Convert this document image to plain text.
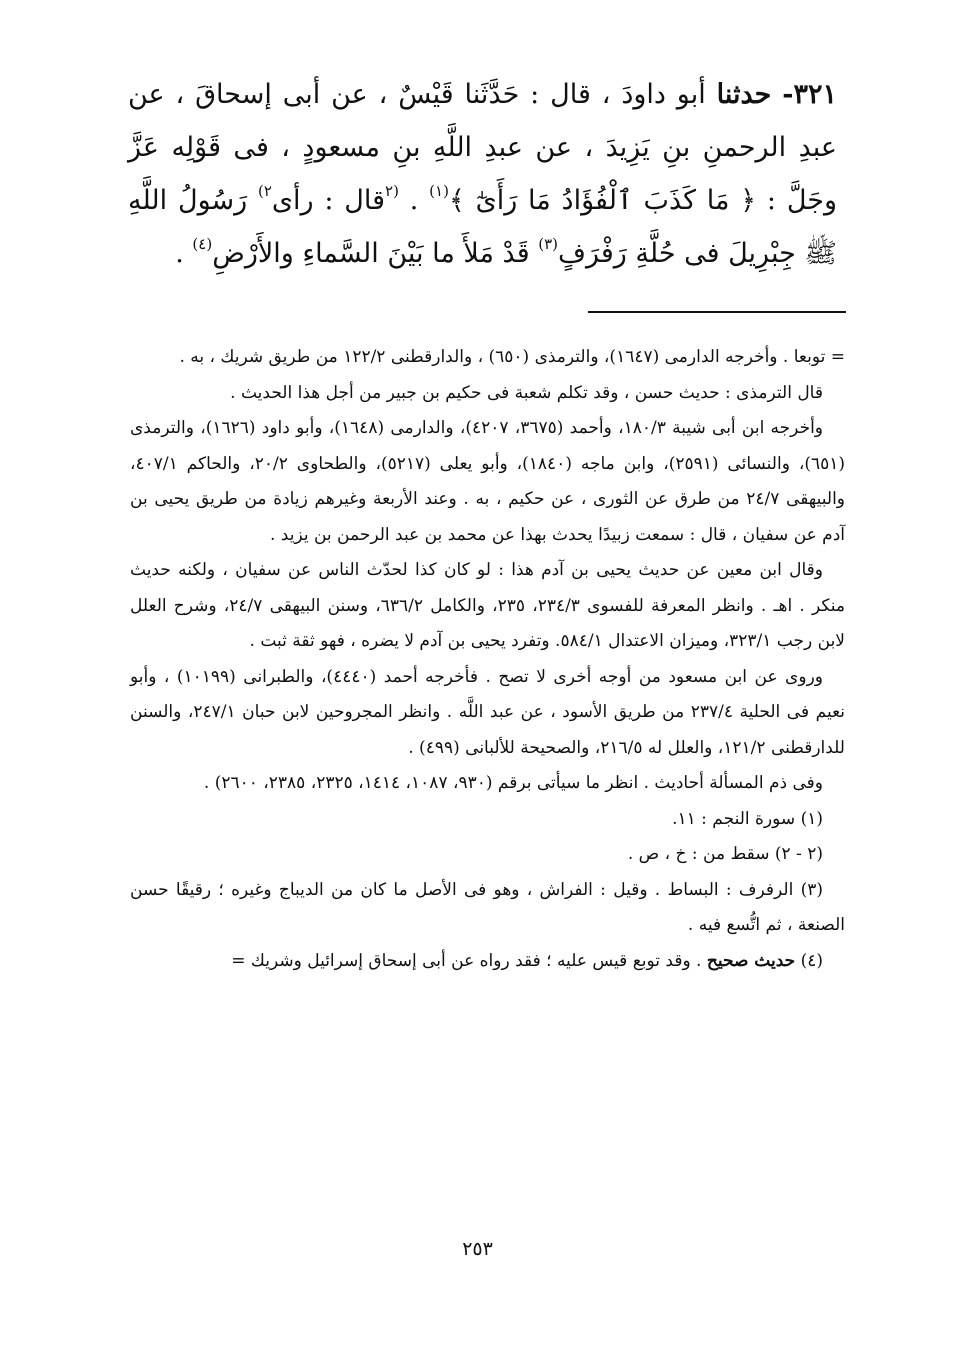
٣٢١- حدثنا أبو داودَ ، قال : حَدَّثَنا قَيْسٌ ، عن أبى إسحاقَ ، عن عبدِ الرحمنِ بنِ يَزِيدَ ، عن عبدِ اللَّهِ بنِ مسعودٍ ، فى قَوْلِه عَزَّ وجَلَّ : ﴿ مَا كَذَبَ ٱلْفُؤَادُ مَا رَأَىٰٓ ﴾$^{(١)}$ . $^{(٢}$قال : رأى$^{٢)}$ رَسُولُ اللَّهِ ﷺ جِبْرِيلَ فى حُلَّةِ رَفْرَفٍ$^{(٣)}$ قَدْ مَلأَ ما بَيْنَ السَّماءِ والأَرْضِ$^{(٤)}$ .

= توبعا . وأخرجه الدارمى (١٦٤٧)، والترمذى (٦٥٠) ، والدارقطنى ١٢٢/٢ من طريق شريك ، به .

قال الترمذى : حديث حسن ، وقد تكلم شعبة فى حكيم بن جبير من أجل هذا الحديث .

وأخرجه ابن أبى شيبة ١٨٠/٣، وأحمد (٣٦٧٥، ٤٢٠٧)، والدارمى (١٦٤٨)، وأبو داود (١٦٢٦)، والترمذى (٦٥١)، والنسائى (٢٥٩١)، وابن ماجه (١٨٤٠)، وأبو يعلى (٥٢١٧)، والطحاوى ٢٠/٢، والحاكم ٤٠٧/١، والبيهقى ٢٤/٧ من طرق عن الثورى ، عن حكيم ، به . وعند الأربعة وغيرهم زيادة من طريق يحيى بن آدم عن سفيان ، قال : سمعت زبيدًا يحدث بهذا عن محمد بن عبد الرحمن بن يزيد .

وقال ابن معين عن حديث يحيى بن آدم هذا : لو كان كذا لحدّث الناس عن سفيان ، ولكنه حديث منكر . اهـ . وانظر المعرفة للفسوى ٢٣٤/٣، ٢٣٥، والكامل ٦٣٦/٢، وسنن البيهقى ٢٤/٧، وشرح العلل لابن رجب ٣٢٣/١، وميزان الاعتدال ٥٨٤/١. وتفرد يحيى بن آدم لا يضره ، فهو ثقة ثبت .

وروى عن ابن مسعود من أوجه أخرى لا تصح . فأخرجه أحمد (٤٤٤٠)، والطبرانى (١٠١٩٩) ، وأبو نعيم فى الحلية ٢٣٧/٤ من طريق الأسود ، عن عبد اللَّه . وانظر المجروحين لابن حبان ٢٤٧/١، والسنن للدارقطنى ١٢١/٢، والعلل له ٢١٦/٥، والصحيحة للألبانى (٤٩٩) .

وفى ذم المسألة أحاديث . انظر ما سيأتى برقم (٩٣٠، ١٠٨٧، ١٤١٤، ٢٣٢٥، ٢٣٨٥، ٢٦٠٠) .

(١) سورة النجم : ١١.

(٢ - ٢) سقط من : خ ، ص .

(٣) الرفرف : البساط . وقيل : الفراش ، وهو فى الأصل ما كان من الديباج وغيره ؛ رقيقًا حسن الصنعة ، ثم اتُّسع فيه .

(٤) حديث صحيح . وقد توبع قيس عليه ؛ فقد رواه عن أبى إسحاق إسرائيل وشريك =

٢٥٣
